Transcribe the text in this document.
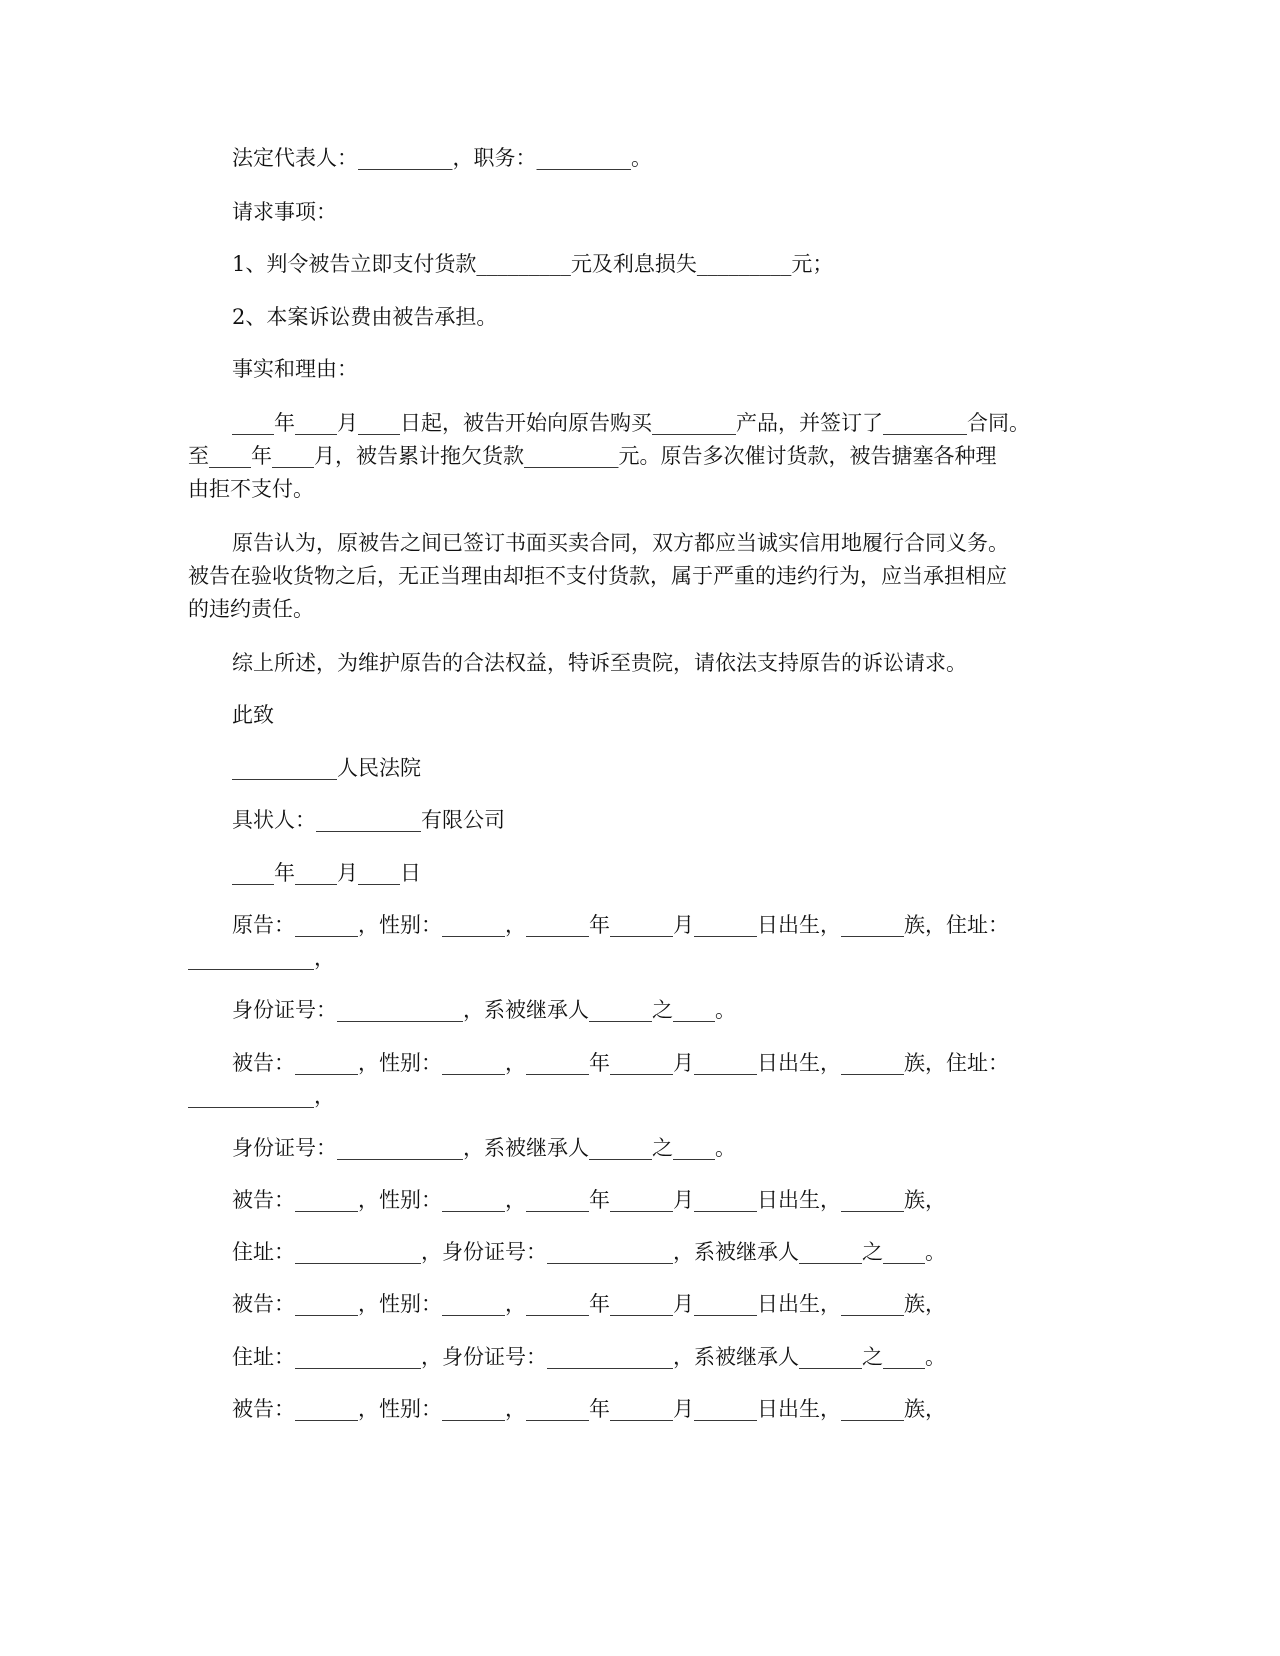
法定代表人：_________，职务：_________。

请求事项：

1、判令被告立即支付货款_________元及利息损失_________元；

2、本案诉讼费由被告承担。

事实和理由：

____年____月____日起，被告开始向原告购买________产品，并签订了________合同。

至____年____月，被告累计拖欠货款_________元。原告多次催讨货款，被告搪塞各种理

由拒不支付。

原告认为，原被告之间已签订书面买卖合同，双方都应当诚实信用地履行合同义务。

被告在验收货物之后，无正当理由却拒不支付货款，属于严重的违约行为，应当承担相应

的违约责任。

综上所述，为维护原告的合法权益，特诉至贵院，请依法支持原告的诉讼请求。

此致

__________人民法院

具状人：__________有限公司

____年____月____日

原告：______，性别：______，______年______月______日出生，______族，住址：

____________，

身份证号：____________，系被继承人______之____。

被告：______，性别：______，______年______月______日出生，______族，住址：

____________，

身份证号：____________，系被继承人______之____。

被告：______，性别：______，______年______月______日出生，______族，

住址：____________，身份证号：____________，系被继承人______之____。

被告：______，性别：______，______年______月______日出生，______族，

住址：____________，身份证号：____________，系被继承人______之____。

被告：______，性别：______，______年______月______日出生，______族，
